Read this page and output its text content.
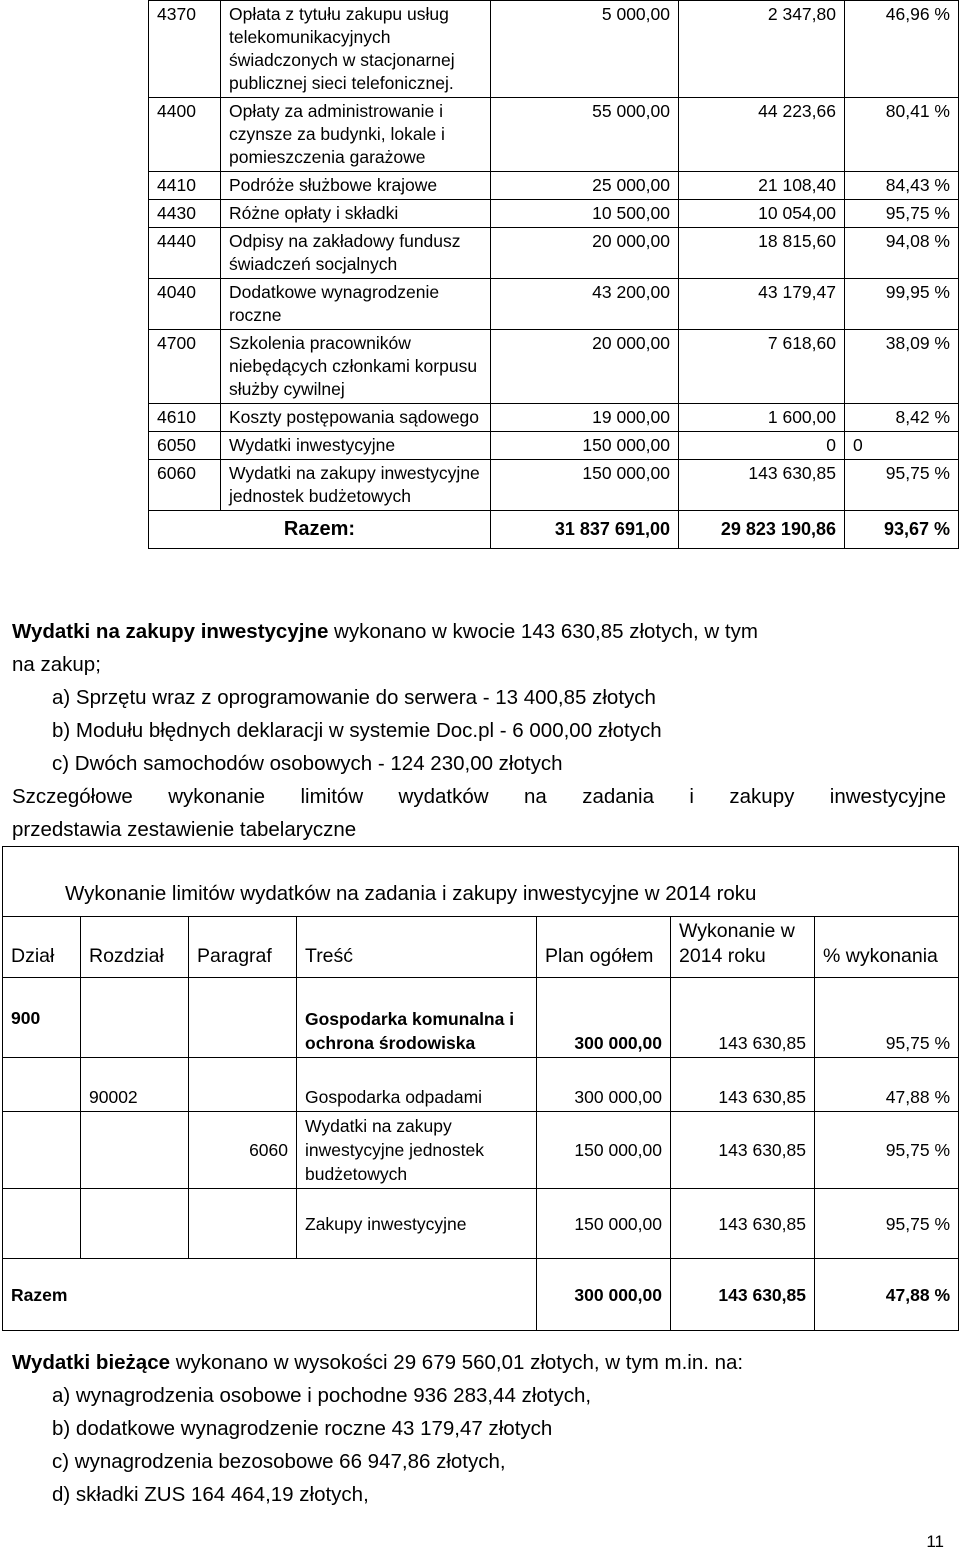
4370	Opłata z tytułu zakupu usług telekomunikacyjnych świadczonych w stacjonarnej publicznej sieci telefonicznej.	5 000,00	2 347,80	46,96 %
4400	Opłaty za administrowanie i czynsze za budynki, lokale i pomieszczenia garażowe	55 000,00	44 223,66	80,41 %
4410	Podróże służbowe krajowe	25 000,00	21 108,40	84,43 %
4430	Różne opłaty i składki	10 500,00	10 054,00	95,75 %
4440	Odpisy na zakładowy fundusz świadczeń socjalnych	20 000,00	18 815,60	94,08 %
4040	Dodatkowe wynagrodzenie roczne	43 200,00	43 179,47	99,95 %
4700	Szkolenia pracowników niebędących członkami korpusu służby cywilnej	20 000,00	7 618,60	38,09 %
4610	Koszty postępowania sądowego	19 000,00	1 600,00	8,42 %
6050	Wydatki inwestycyjne	150 000,00	0	0
6060	Wydatki na zakupy inwestycyjne jednostek budżetowych	150 000,00	143 630,85	95,75 %
Razem:		31 837 691,00	29 823 190,86	93,67 %
Wydatki na zakupy inwestycyjne wykonano w kwocie 143 630,85 złotych, w tym
na zakup;
a) Sprzętu wraz z oprogramowanie do serwera - 13 400,85 złotych
b) Modułu błędnych deklaracji w systemie Doc.pl - 6 000,00 złotych
c) Dwóch samochodów osobowych - 124 230,00 złotych
Szczegółowe wykonanie limitów wydatków na zadania i zakupy inwestycyjne
przedstawia zestawienie tabelaryczne
Wykonanie limitów wydatków na zadania i zakupy inwestycyjne w 2014 roku						
Dział	Rozdział	Paragraf	Treść	Plan ogółem	Wykonanie w 2014 roku	% wykonania
900			Gospodarka komunalna i ochrona środowiska	300 000,00	143 630,85	95,75 %
	90002		Gospodarka odpadami	300 000,00	143 630,85	47,88 %
		6060	Wydatki na zakupy inwestycyjne jednostek budżetowych	150 000,00	143 630,85	95,75 %
			Zakupy inwestycyjne	150 000,00	143 630,85	95,75 %
Razem				300 000,00	143 630,85	47,88 %
Wydatki bieżące wykonano w wysokości 29 679 560,01 złotych, w tym m.in. na:
a) wynagrodzenia osobowe i pochodne 936 283,44 złotych,
b) dodatkowe wynagrodzenie roczne 43 179,47 złotych
c) wynagrodzenia bezosobowe 66 947,86 złotych,
d) składki ZUS 164 464,19 złotych,
11
